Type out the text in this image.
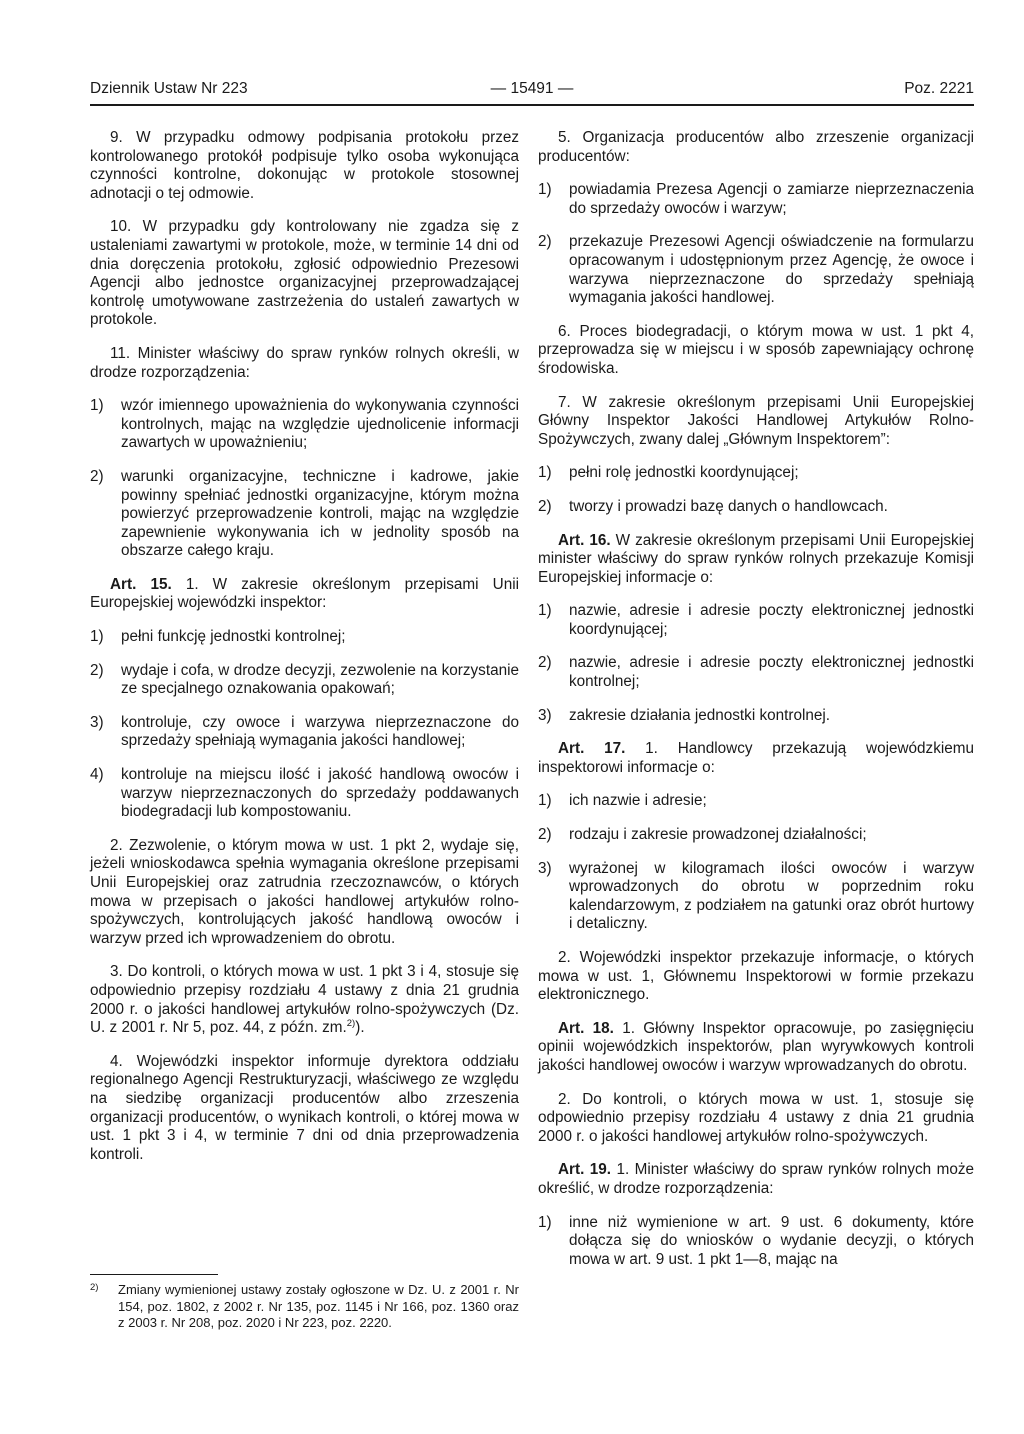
Dziennik Ustaw Nr 223	— 15491 —	Poz. 2221

9. W przypadku odmowy podpisania protokołu przez kontrolowanego protokół podpisuje tylko osoba wykonująca czynności kontrolne, dokonując w protokole stosownej adnotacji o tej odmowie.

10. W przypadku gdy kontrolowany nie zgadza się z ustaleniami zawartymi w protokole, może, w terminie 14 dni od dnia doręczenia protokołu, zgłosić odpowiednio Prezesowi Agencji albo jednostce organizacyjnej przeprowadzającej kontrolę umotywowane zastrzeżenia do ustaleń zawartych w protokole.

11. Minister właściwy do spraw rynków rolnych określi, w drodze rozporządzenia:

1)	wzór imiennego upoważnienia do wykonywania czynności kontrolnych, mając na względzie ujednolicenie informacji zawartych w upoważnieniu;
2)	warunki organizacyjne, techniczne i kadrowe, jakie powinny spełniać jednostki organizacyjne, którym można powierzyć przeprowadzenie kontroli, mając na względzie zapewnienie wykonywania ich w jednolity sposób na obszarze całego kraju.

Art. 15. 1. W zakresie określonym przepisami Unii Europejskiej wojewódzki inspektor:

1)	pełni funkcję jednostki kontrolnej;
2)	wydaje i cofa, w drodze decyzji, zezwolenie na korzystanie ze specjalnego oznakowania opakowań;
3)	kontroluje, czy owoce i warzywa nieprzeznaczone do sprzedaży spełniają wymagania jakości handlowej;
4)	kontroluje na miejscu ilość i jakość handlową owoców i warzyw nieprzeznaczonych do sprzedaży poddawanych biodegradacji lub kompostowaniu.

2. Zezwolenie, o którym mowa w ust. 1 pkt 2, wydaje się, jeżeli wnioskodawca spełnia wymagania określone przepisami Unii Europejskiej oraz zatrudnia rzeczoznawców, o których mowa w przepisach o jakości handlowej artykułów rolno-spożywczych, kontrolujących jakość handlową owoców i warzyw przed ich wprowadzeniem do obrotu.

3. Do kontroli, o których mowa w ust. 1 pkt 3 i 4, stosuje się odpowiednio przepisy rozdziału 4 ustawy z dnia 21 grudnia 2000 r. o jakości handlowej artykułów rolno-spożywczych (Dz. U. z 2001 r. Nr 5, poz. 44, z późn. zm.$^{2)}$).

4. Wojewódzki inspektor informuje dyrektora oddziału regionalnego Agencji Restrukturyzacji, właściwego ze względu na siedzibę organizacji producentów albo zrzeszenia organizacji producentów, o wynikach kontroli, o której mowa w ust. 1 pkt 3 i 4, w terminie 7 dni od dnia przeprowadzenia kontroli.

2)	Zmiany wymienionej ustawy zostały ogłoszone w Dz. U. z 2001 r. Nr 154, poz. 1802, z 2002 r. Nr 135, poz. 1145 i Nr 166, poz. 1360 oraz z 2003 r. Nr 208, poz. 2020 i Nr 223, poz. 2220.

5. Organizacja producentów albo zrzeszenie organizacji producentów:

1)	powiadamia Prezesa Agencji o zamiarze nieprzeznaczenia do sprzedaży owoców i warzyw;
2)	przekazuje Prezesowi Agencji oświadczenie na formularzu opracowanym i udostępnionym przez Agencję, że owoce i warzywa nieprzeznaczone do sprzedaży spełniają wymagania jakości handlowej.

6. Proces biodegradacji, o którym mowa w ust. 1 pkt 4, przeprowadza się w miejscu i w sposób zapewniający ochronę środowiska.

7. W zakresie określonym przepisami Unii Europejskiej Główny Inspektor Jakości Handlowej Artykułów Rolno-Spożywczych, zwany dalej „Głównym Inspektorem”:

1)	pełni rolę jednostki koordynującej;
2)	tworzy i prowadzi bazę danych o handlowcach.

Art. 16. W zakresie określonym przepisami Unii Europejskiej minister właściwy do spraw rynków rolnych przekazuje Komisji Europejskiej informacje o:

1)	nazwie, adresie i adresie poczty elektronicznej jednostki koordynującej;
2)	nazwie, adresie i adresie poczty elektronicznej jednostki kontrolnej;
3)	zakresie działania jednostki kontrolnej.

Art. 17. 1. Handlowcy przekazują wojewódzkiemu inspektorowi informacje o:

1)	ich nazwie i adresie;
2)	rodzaju i zakresie prowadzonej działalności;
3)	wyrażonej w kilogramach ilości owoców i warzyw wprowadzonych do obrotu w poprzednim roku kalendarzowym, z podziałem na gatunki oraz obrót hurtowy i detaliczny.

2. Wojewódzki inspektor przekazuje informacje, o których mowa w ust. 1, Głównemu Inspektorowi w formie przekazu elektronicznego.

Art. 18. 1. Główny Inspektor opracowuje, po zasięgnięciu opinii wojewódzkich inspektorów, plan wyrywkowych kontroli jakości handlowej owoców i warzyw wprowadzanych do obrotu.

2. Do kontroli, o których mowa w ust. 1, stosuje się odpowiednio przepisy rozdziału 4 ustawy z dnia 21 grudnia 2000 r. o jakości handlowej artykułów rolno-spożywczych.

Art. 19. 1. Minister właściwy do spraw rynków rolnych może określić, w drodze rozporządzenia:

1)	inne niż wymienione w art. 9 ust. 6 dokumenty, które dołącza się do wniosków o wydanie decyzji, o których mowa w art. 9 ust. 1 pkt 1—8, mając na
